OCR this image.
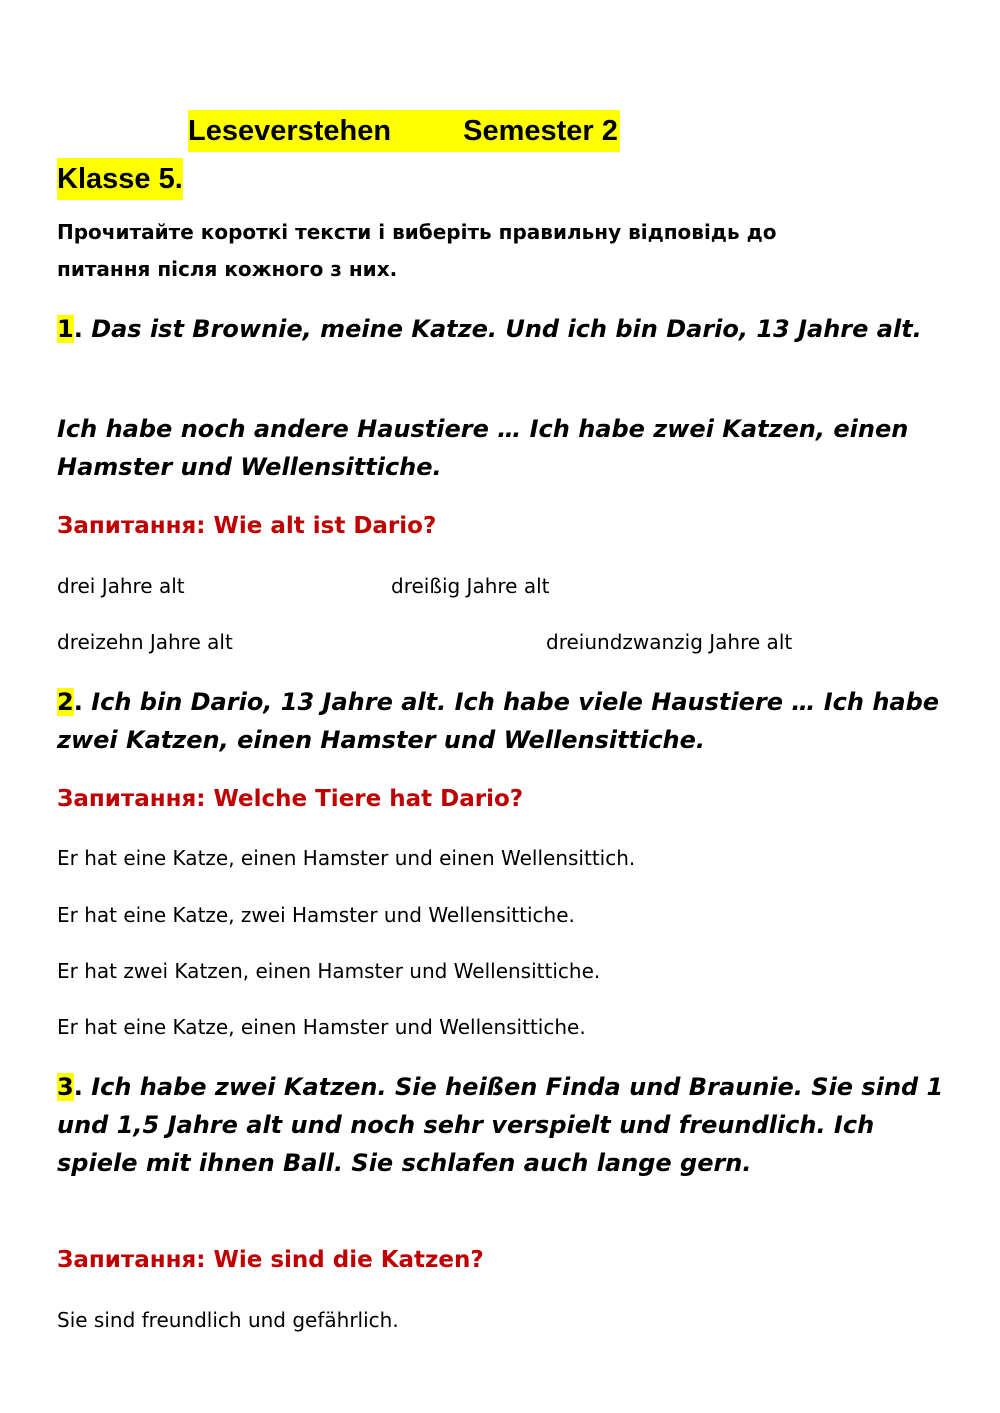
Leseverstehen Semester 2
Klasse 5.
Прочитайте короткі тексти і виберіть правильну відповідь до
питання після кожного з них.

1. Das ist Brownie, meine Katze. Und ich bin Dario, 13 Jahre alt.

Ich habe noch andere Haustiere … Ich habe zwei Katzen, einen Hamster und Wellensittiche.

Запитання: Wie alt ist Dario?
drei Jahre alt	dreißig Jahre alt
dreizehn Jahre alt	dreiundzwanzig Jahre alt

2. Ich bin Dario, 13 Jahre alt. Ich habe viele Haustiere … Ich habe zwei Katzen, einen Hamster und Wellensittiche.

Запитання: Welche Tiere hat Dario?
Er hat eine Katze, einen Hamster und einen Wellensittich.
Er hat eine Katze, zwei Hamster und Wellensittiche.
Er hat zwei Katzen, einen Hamster und Wellensittiche.
Er hat eine Katze, einen Hamster und Wellensittiche.

3. Ich habe zwei Katzen. Sie heißen Finda und Braunie. Sie sind 1 und 1,5 Jahre alt und noch sehr verspielt und freundlich. Ich spiele mit ihnen Ball. Sie schlafen auch lange gern.

Запитання: Wie sind die Katzen?
Sie sind freundlich und gefährlich.
